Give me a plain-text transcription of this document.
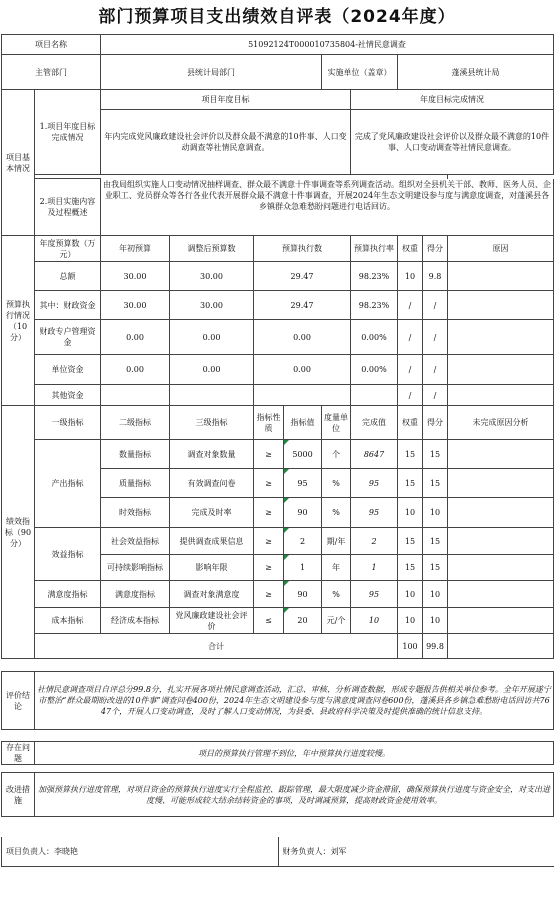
部门预算项目支出绩效自评表（2024年度）
项目名称		51092124T000010735804-社情民意调查								
主管部门		县统计局部门				实施单位（盖章）		蓬溪县统计局		
项目基本情况	1.项目年度目标完成情况	项目年度目标					年度目标完成情况			
		年内完成党风廉政建设社会评价以及群众最不满意的10件事、人口变动调查等社情民意调查。					完成了党风廉政建设社会评价以及群众最不满意的10件事、人口变动调查等社情民意调查。			

	2.项目实施内容及过程概述	由我局组织实施人口变动情况抽样调查、群众最不满意十件事调查等系列调查活动。组织对全县机关干部、教师、医务人员、企业职工、党员群众等各行各业代表开展群众最不满意十件事调查，开展2024年生态文明建设参与度与满意度调查，对蓬溪县各乡镇群众急难愁盼问题进行电话回访。								
预算执行情况（10分）	年度预算数（万元）	年初预算	调整后预算数	预算执行数			预算执行率	权重	得分	原因
	总额	30.00	30.00	29.47			98.23%	10	9.8	
	其中：财政资金	30.00	30.00	29.47			98.23%	/	/	
	财政专户管理资金	0.00	0.00	0.00			0.00%	/	/	
	单位资金	0.00	0.00	0.00			0.00%	/	/	
	其他资金							/	/	
绩效指标（90分）	一级指标	二级指标	三级指标	指标性质	指标值	度量单位	完成值	权重	得分	未完成原因分析
	产出指标	数量指标	调查对象数量	≥	5000	个	8647	15	15	
		质量指标	有效调查问卷	≥	95	%	95	15	15	
		时效指标	完成及时率	≥	90	%	95	10	10	
	效益指标	社会效益指标	提供调查成果信息	≥	2	期/年	2	15	15	
		可持续影响指标	影响年限	≥	1	年	1	15	15	
	满意度指标	满意度指标	调查对象满意度	≥	90	%	95	10	10	
	成本指标	经济成本指标	党风廉政建设社会评价	≤	20	元/个	10	10	10	
	合计							100	99.8	

评价结论	社情民意调查项目自评总分99.8分，扎实开展各项社情民意调查活动，汇总、审核、分析调查数据，形成专题报告供相关单位参考。全年开展遂宁市整治“群众最期盼改进的10件事”调查问卷400份，2024年生态文明建设参与度与满意度调查问卷600份，蓬溪县各乡镇急难愁盼电话回访共7647个，开展人口变动调查，及时了解人口变动情况，为县委、县政府科学决策及时提供准确的统计信息支持。									

存在问题	项目的预算执行管理不到位，年中预算执行进度较慢。									

改进措施	加强预算执行进度管理，对项目资金的预算执行进度实行全程监控、跟踪管理，最大限度减少资金滞留，确保预算执行进度与资金安全，对支出进度慢、可能形成较大结余结转资金的事项，及时调减预算，提高财政资金使用效率。									

项目负责人：李晓艳	财务负责人：刘军
